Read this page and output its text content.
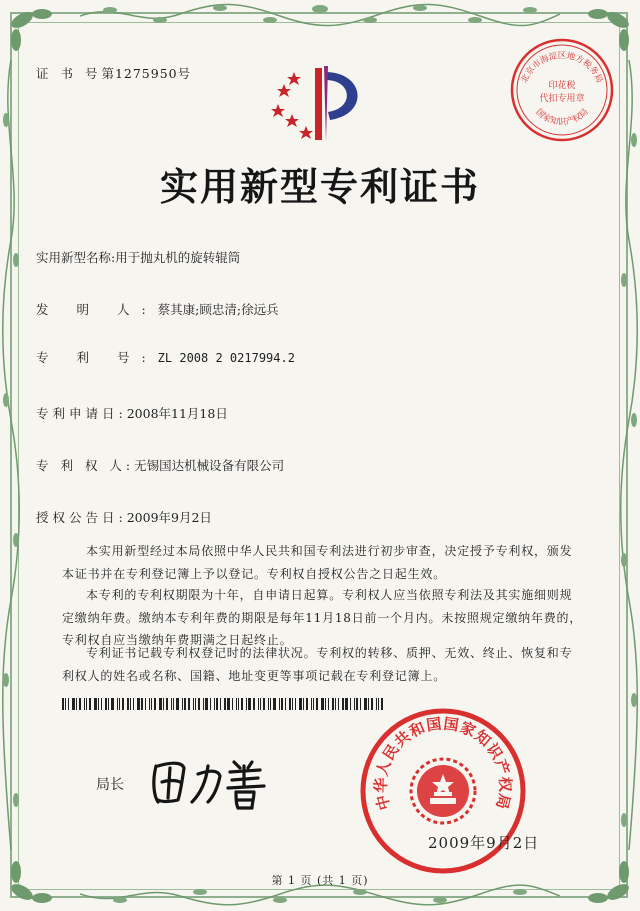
证 书 号第1275950号
实用新型专利证书
实用新型名称:用于抛丸机的旋转辊筒
发 明 人:蔡其康;顾忠清;徐远兵
专 利 号:ZL 2008 2 0217994.2
专利申请日:2008年11月18日
专 利 权 人:无锡国达机械设备有限公司
授权公告日:2009年9月2日
本实用新型经过本局依照中华人民共和国专利法进行初步审查，决定授予专利权，颁发
本证书并在专利登记簿上予以登记。专利权自授权公告之日起生效。
本专利的专利权期限为十年，自申请日起算。专利权人应当依照专利法及其实施细则规
定缴纳年费。缴纳本专利年费的期限是每年11月18日前一个月内。未按照规定缴纳年费的，
专利权自应当缴纳年费期满之日起终止。
专利证书记载专利权登记时的法律状况。专利权的转移、质押、无效、终止、恢复和专
利权人的姓名或名称、国籍、地址变更等事项记载在专利登记簿上。
局长
中华人民共和国国家知识产权局
2009年9月2日
北京市海淀区地方税务局
印花税
代扣专用章
国家知识产权局
第 1 页 (共 1 页)
